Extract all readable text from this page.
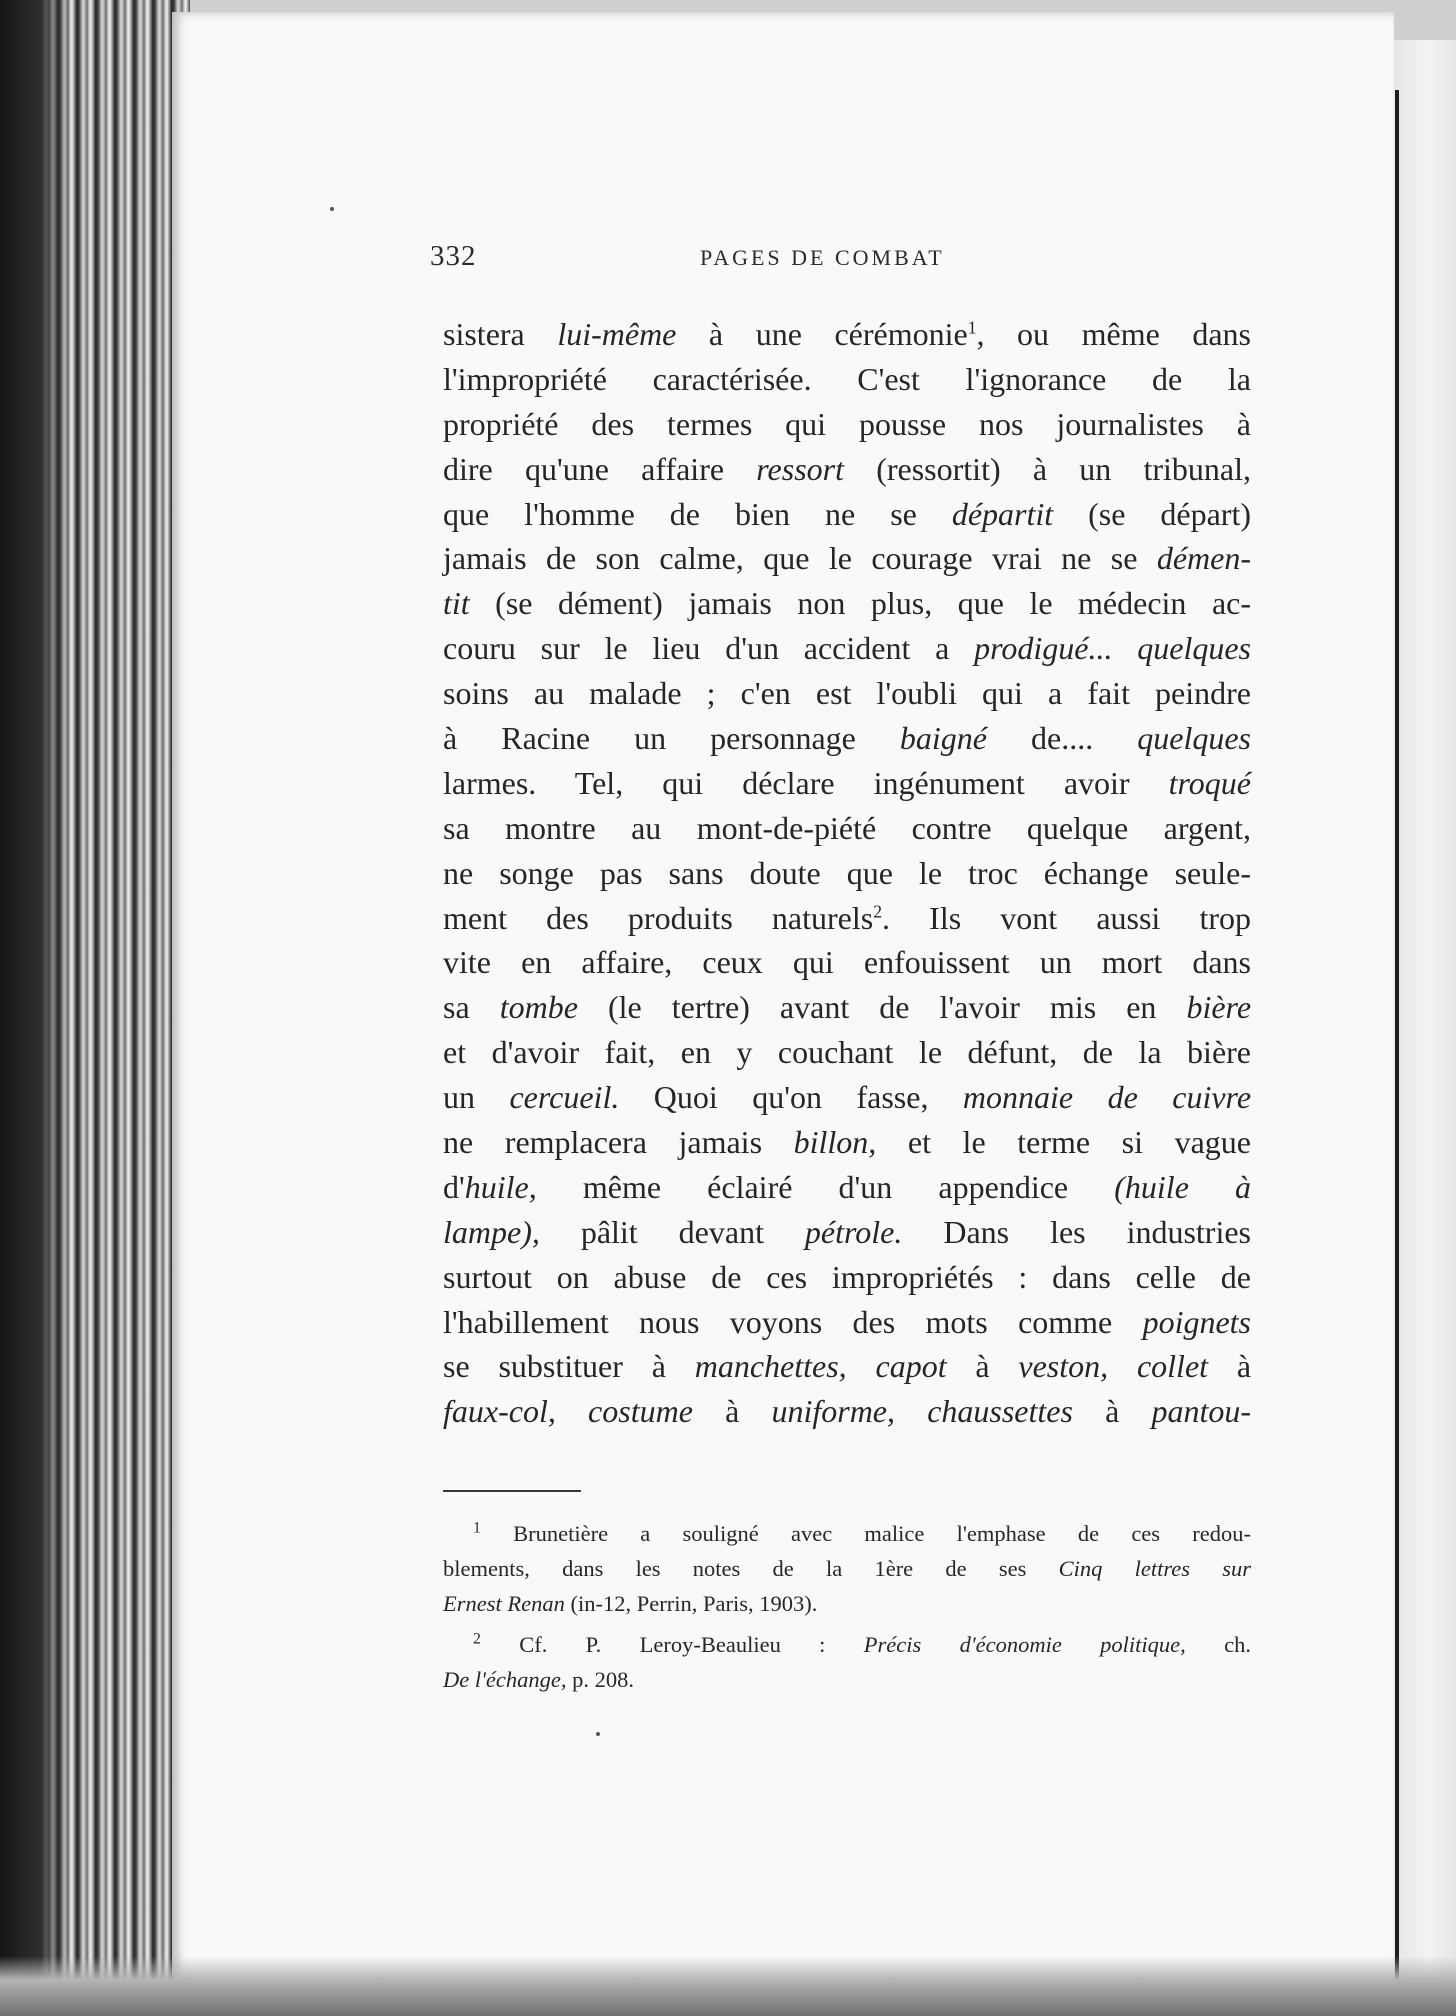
332	PAGES DE COMBAT
sistera lui-même à une cérémonie$^1$, ou même dans
l'impropriété caractérisée. C'est l'ignorance de la
propriété des termes qui pousse nos journalistes à
dire qu'une affaire ressort (ressortit) à un tribunal,
que l'homme de bien ne se départit (se départ)
jamais de son calme, que le courage vrai ne se démen-
tit (se dément) jamais non plus, que le médecin ac-
couru sur le lieu d'un accident a prodigué... quelques
soins au malade ; c'en est l'oubli qui a fait peindre
à Racine un personnage baigné de.... quelques
larmes. Tel, qui déclare ingénument avoir troqué
sa montre au mont-de-piété contre quelque argent,
ne songe pas sans doute que le troc échange seule-
ment des produits naturels$^2$. Ils vont aussi trop
vite en affaire, ceux qui enfouissent un mort dans
sa tombe (le tertre) avant de l'avoir mis en bière
et d'avoir fait, en y couchant le défunt, de la bière
un cercueil. Quoi qu'on fasse, monnaie de cuivre
ne remplacera jamais billon, et le terme si vague
d'huile, même éclairé d'un appendice (huile à
lampe), pâlit devant pétrole. Dans les industries
surtout on abuse de ces impropriétés : dans celle de
l'habillement nous voyons des mots comme poignets
se substituer à manchettes, capot à veston, collet à
faux-col, costume à uniforme, chaussettes à pantou-
$^1$ Brunetière a souligné avec malice l'emphase de ces redou-
blements, dans les notes de la 1ère de ses Cinq lettres sur
Ernest Renan (in-12, Perrin, Paris, 1903).
$^2$ Cf. P. Leroy-Beaulieu : Précis d'économie politique, ch.
De l'échange, p. 208.
